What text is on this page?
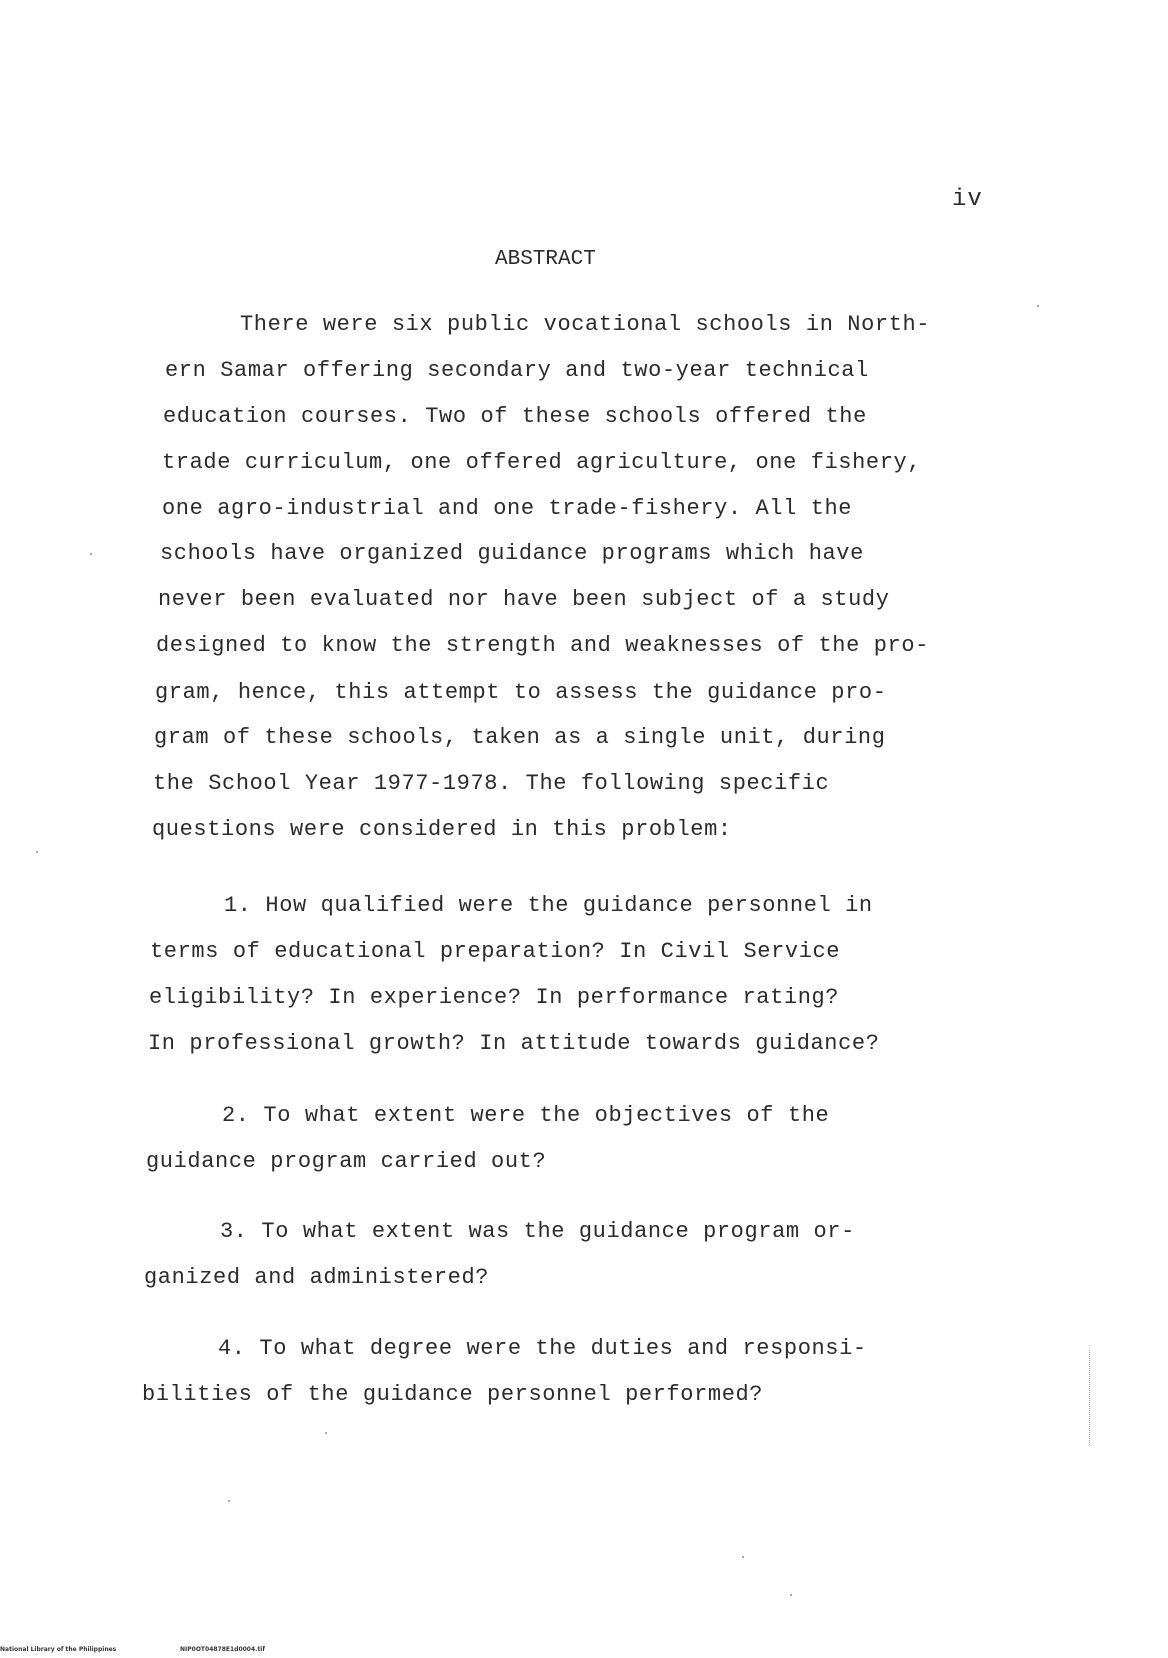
iv
ABSTRACT
There were six public vocational schools in North-
ern Samar offering secondary and two-year technical
education courses. Two of these schools offered the
trade curriculum, one offered agriculture, one fishery,
one agro-industrial and one trade-fishery. All the
schools have organized guidance programs which have
never been evaluated nor have been subject of a study
designed to know the strength and weaknesses of the pro-
gram, hence, this attempt to assess the guidance pro-
gram of these schools, taken as a single unit, during
the School Year 1977-1978. The following specific
questions were considered in this problem:
1. How qualified were the guidance personnel in
terms of educational preparation? In Civil Service
eligibility? In experience? In performance rating?
In professional growth? In attitude towards guidance?
2. To what extent were the objectives of the
guidance program carried out?
3. To what extent was the guidance program or-
ganized and administered?
4. To what degree were the duties and responsi-
bilities of the guidance personnel performed?
National Library of the Philippines	NIP0OT04878E1d0004.tif
